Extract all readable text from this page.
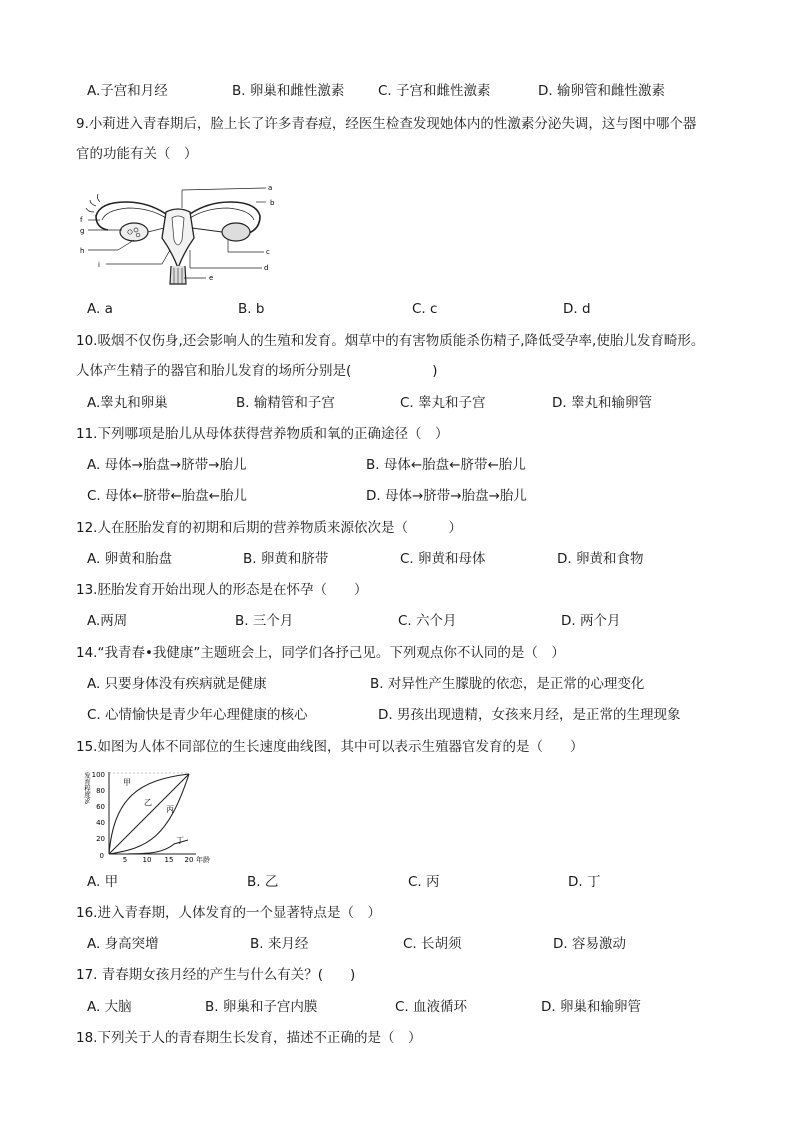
A.子宫和月经	B. 卵巢和雌性激素 C. 子宫和雌性激素	D. 输卵管和雌性激素
9.小莉进入青春期后，脸上长了许多青春痘，经医生检查发现她体内的性激素分泌失调，这与图中哪个器
官的功能有关（　）
a
b
c
d
e
f
g
h
i
A. a	B. b	C. c	D. d
10.吸烟不仅伤身,还会影响人的生殖和发育。烟草中的有害物质能杀伤精子,降低受孕率,使胎儿发育畸形。
人体产生精子的器官和胎儿发育的场所分别是(　　　　　　)
A.睾丸和卵巢	B. 输精管和子宫	C. 睾丸和子宫	D. 睾丸和输卵管
11.下列哪项是胎儿从母体获得营养物质和氧的正确途径（　）
A. 母体→胎盘→脐带→胎儿	B. 母体←胎盘←脐带←胎儿
C. 母体←脐带←胎盘←胎儿	D. 母体→脐带→胎盘→胎儿
12.人在胚胎发育的初期和后期的营养物质来源依次是（　　　）
A. 卵黄和胎盘	B. 卵黄和脐带	C. 卵黄和母体	D. 卵黄和食物
13.胚胎发育开始出现人的形态是在怀孕（　　）
A.两周	B. 三个月	C. 六个月	D. 两个月
14.“我青春•我健康”主题班会上，同学们各抒己见。下列观点你不认同的是（　）
A. 只要身体没有疾病就是健康	B. 对异性产生朦胧的依恋，是正常的心理变化
C. 心情愉快是青少年心理健康的核心	D. 男孩出现遗精，女孩来月经，是正常的生理现象
15.如图为人体不同部位的生长速度曲线图，其中可以表示生殖器官发育的是（　　）
发育程度% 100
80
60
40
20
0	5 10 15 20 年龄
甲
乙
丙
丁
A. 甲	B. 乙	C. 丙	D. 丁
16.进入青春期，人体发育的一个显著特点是（　）
A. 身高突增	B. 来月经	C. 长胡须	D. 容易激动
17. 青春期女孩月经的产生与什么有关？(　　)
A. 大脑	B. 卵巢和子宫内膜	C. 血液循环	D. 卵巢和输卵管
18.下列关于人的青春期生长发育，描述不正确的是（　）
